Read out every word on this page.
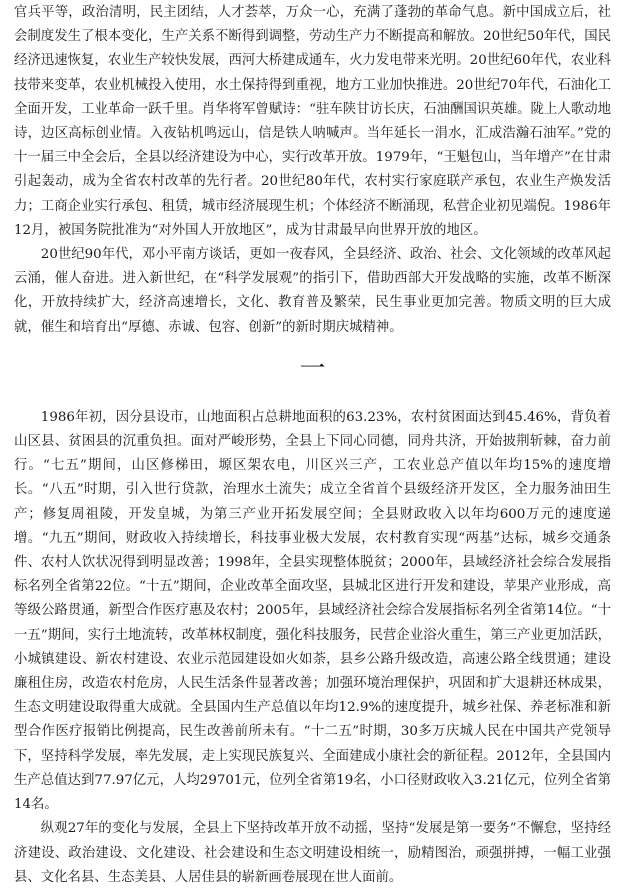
官兵平等，政治清明，民主团结，人才荟萃，万众一心，充满了蓬勃的革命气息。新中国成立后，社会制度发生了根本变化，生产关系不断得到调整，劳动生产力不断提高和解放。20世纪50年代，国民经济迅速恢复，农业生产较快发展，西河大桥建成通车，火力发电带来光明。20世纪60年代，农业科技带来变革，农业机械投入使用，水土保持得到重视，地方工业加快推进。20世纪70年代，石油化工全面开发，工业革命一跃千里。肖华将军曾赋诗：“驻车陕甘访长庆，石油酬国识英雄。陇上人歌动地诗，边区高标创业情。入夜钻机鸣远山，信是铁人呐喊声。当年延长一涓水，汇成浩瀚石油军。”党的十一届三中全会后，全县以经济建设为中心，实行改革开放。1979年，“王魁包山，当年增产”在甘肃引起轰动，成为全省农村改革的先行者。20世纪80年代，农村实行家庭联产承包，农业生产焕发活力；工商企业实行承包、租赁，城市经济展现生机；个体经济不断涌现，私营企业初见端倪。1986年12月，被国务院批准为“对外国人开放地区”，成为甘肃最早向世界开放的地区。

20世纪90年代，邓小平南方谈话，更如一夜春风，全县经济、政治、社会、文化领域的改革风起云涌，催人奋进。进入新世纪，在“科学发展观”的指引下，借助西部大开发战略的实施，改革不断深化，开放持续扩大，经济高速增长，文化、教育普及繁荣，民生事业更加完善。物质文明的巨大成就，催生和培育出“厚德、赤诚、包容、创新”的新时期庆城精神。

一

1986年初，因分县设市，山地面积占总耕地面积的63.23%，农村贫困面达到45.46%，背负着山区县、贫困县的沉重负担。面对严峻形势，全县上下同心同德，同舟共济，开始披荆斩棘，奋力前行。“七五”期间，山区修梯田，塬区架农电，川区兴三产，工农业总产值以年均15%的速度增长。“八五”时期，引入世行贷款，治理水土流失；成立全省首个县级经济开发区，全力服务油田生产；修复周祖陵，开发皇城，为第三产业开拓发展空间；全县财政收入以年均600万元的速度递增。“九五”期间，财政收入持续增长，科技事业极大发展，农村教育实现“两基”达标，城乡交通条件、农村人饮状况得到明显改善；1998年，全县实现整体脱贫；2000年，县域经济社会综合发展指标名列全省第22位。“十五”期间，企业改革全面攻坚，县城北区进行开发和建设，苹果产业形成，高等级公路贯通，新型合作医疗惠及农村；2005年，县域经济社会综合发展指标名列全省第14位。“十一五”期间，实行土地流转，改革林权制度，强化科技服务，民营企业浴火重生，第三产业更加活跃，小城镇建设、新农村建设、农业示范园建设如火如荼，县乡公路升级改造，高速公路全线贯通；建设廉租住房，改造农村危房，人民生活条件显著改善；加强环境治理保护，巩固和扩大退耕还林成果，生态文明建设取得重大成就。全县国内生产总值以年均12.9%的速度提升，城乡社保、养老标准和新型合作医疗报销比例提高，民生改善前所未有。“十二五”时期，30多万庆城人民在中国共产党领导下，坚持科学发展，率先发展，走上实现民族复兴、全面建成小康社会的新征程。2012年，全县国内生产总值达到77.97亿元，人均29701元，位列全省第19名，小口径财政收入3.21亿元，位列全省第14名。

纵观27年的变化与发展，全县上下坚持改革开放不动摇，坚持“发展是第一要务”不懈怠，坚持经济建设、政治建设、文化建设、社会建设和生态文明建设相统一，励精图治，顽强拼搏，一幅工业强县、文化名县、生态美县、人居佳县的崭新画卷展现在世人面前。
